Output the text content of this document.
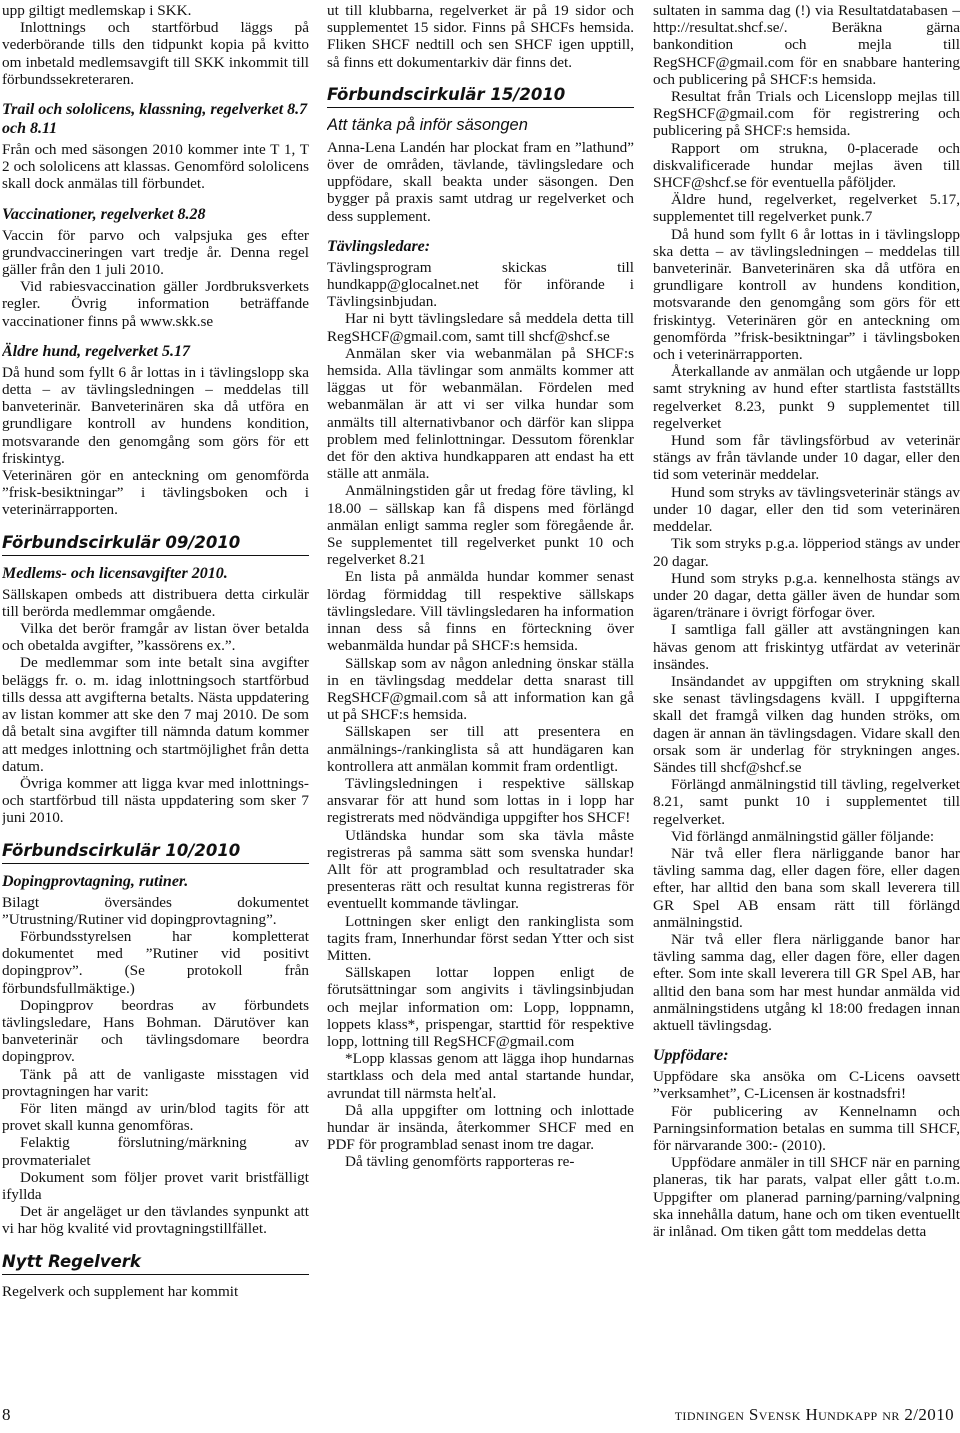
upp giltigt medlemskap i SKK.

Inlottnings och startförbud läggs på vederbörande tills den tidpunkt kopia på kvitto om inbetald medlemsavgift till SKK inkommit till förbundssekreteraren.

Trail och sololicens, klassning, regelverket 8.7 och 8.11

Från och med säsongen 2010 kommer inte T 1, T 2 och sololicens att klassas. Genomförd sololicens skall dock anmälas till förbundet.

Vaccinationer, regelverket 8.28

Vaccin för parvo och valpsjuka ges efter grundvaccineringen vart tredje år. Denna regel gäller från den 1 juli 2010.

Vid rabiesvaccination gäller Jordbruksverkets regler. Övrig information beträffande vaccinationer finns på www.skk.se

Äldre hund, regelverket 5.17

Då hund som fyllt 6 år lottas in i tävlingslopp ska detta – av tävlingsledningen – meddelas till banveterinär. Banveterinären ska då utföra en grundligare kontroll av hundens kondition, motsvarande den genomgång som görs för ett friskintyg.

Veterinären gör en anteckning om genomförda ”frisk-besiktningar” i tävlingsboken och i veterinärrapporten.

Förbundscirkulär 09/2010
Medlems- och licensavgifter 2010.

Sällskapen ombeds att distribuera detta cirkulär till berörda medlemmar omgående.

Vilka det berör framgår av listan över betalda och obetalda avgifter, ”kassörens ex.”.

De medlemmar som inte betalt sina avgifter beläggs fr. o. m. idag inlottningsoch startförbud tills dessa att avgifterna betalts. Nästa uppdatering av listan kommer att ske den 7 maj 2010. De som då betalt sina avgifter till nämnda datum kommer att medges inlottning och startmöjlighet från detta datum.

Övriga kommer att ligga kvar med inlottnings- och startförbud till nästa uppdatering som sker 7 juni 2010.

Förbundscirkulär 10/2010
Dopingprovtagning, rutiner.

Bilagt översändes dokumentet ”Utrustning/Rutiner vid dopingprovtagning”.

Förbundsstyrelsen har kompletterat dokumentet med ”Rutiner vid positivt dopingprov”. (Se protokoll från förbundsfullmäktige.)

Dopingprov beordras av förbundets tävlingsledare, Hans Bohman. Därutöver kan banveterinär och tävlingsdomare beordra dopingprov.

Tänk på att de vanligaste misstagen vid provtagningen har varit:

För liten mängd av urin/blod tagits för att provet skall kunna genomföras.

Felaktig förslutning/märkning av provmaterialet

Dokument som följer provet varit bristfälligt ifyllda

Det är angeläget ur den tävlandes synpunkt att vi har hög kvalité vid provtagningstillfället.

Nytt Regelverk

Regelverk och supplement har kommit

ut till klubbarna, regelverket är på 19 sidor och supplementet 15 sidor. Finns på SHCFs hemsida. Fliken SHCF nedtill och sen SHCF igen upptill, så finns ett dokumentarkiv där finns det.

Förbundscirkulär 15/2010
Att tänka på inför säsongen

Anna-Lena Landén har plockat fram en ”lathund” över de områden, tävlande, tävlingsledare och uppfödare, skall beakta under säsongen. Den bygger på praxis samt utdrag ur regelverket och dess supplement.

Tävlingsledare:

Tävlingsprogram skickas till hundkapp@glocalnet.net för införande i Tävlingsinbjudan.

Har ni bytt tävlingsledare så meddela detta till RegSHCF@gmail.com, samt till shcf@shcf.se

Anmälan sker via webanmälan på SHCF:s hemsida. Alla tävlingar som anmälts kommer att läggas ut för webanmälan. Fördelen med webanmälan är att vi ser vilka hundar som anmälts till alternativbanor och därför kan slippa problem med felinlottningar. Dessutom förenklar det för den aktiva hundkapparen att endast ha ett ställe att anmäla.

Anmälningstiden går ut fredag före tävling, kl 18.00 – sällskap kan få dispens med förlängd anmälan enligt samma regler som föregående år. Se supplementet till regelverket punkt 10 och regelverket 8.21

En lista på anmälda hundar kommer senast lördag förmiddag till respektive sällskaps tävlingsledare. Vill tävlingsledaren ha information innan dess så finns en förteckning över webanmälda hundar på SHCF:s hemsida.

Sällskap som av någon anledning önskar ställa in en tävlingsdag meddelar detta snarast till RegSHCF@gmail.com så att information kan gå ut på SHCF:s hemsida.

Sällskapen ser till att presentera en anmälnings-/rankinglista så att hundägaren kan kontrollera att anmälan kommit fram ordentligt.

Tävlingsledningen i respektive sällskap ansvarar för att hund som lottas in i lopp har registrerats med nödvändiga uppgifter hos SHCF!

Utländska hundar som ska tävla måste registreras på samma sätt som svenska hundar! Allt för att programblad och resultatrader ska presenteras rätt och resultat kunna registreras för eventuellt kommande tävlingar.

Lottningen sker enligt den rankinglista som tagits fram, Innerhundar först sedan Ytter och sist Mitten.

Sällskapen lottar loppen enligt de förutsättningar som angivits i tävlingsinbjudan och mejlar information om: Lopp, loppnamn, loppets klass*, prispengar, starttid för respektive lopp, lottning till RegSHCF@gmail.com

*Lopp klassas genom att lägga ihop hundarnas startklass och dela med antal startande hundar, avrundat till närmsta helťal.

Då alla uppgifter om lottning och inlottade hundar är insända, återkommer SHCF med en PDF för programblad senast inom tre dagar.

Då tävling genomförts rapporteras re-

sultaten in samma dag (!) via Resultatdatabasen – http://resultat.shcf.se/. Beräkna gärna bankondition och mejla till RegSHCF@gmail.com för en snabbare hantering och publicering på SHCF:s hemsida.

Resultat från Trials och Licenslopp mejlas till RegSHCF@gmail.com för registrering och publicering på SHCF:s hemsida.

Rapport om strukna, 0-placerade och diskvalificerade hundar mejlas även till SHCF@shcf.se för eventuella påföljder.

Äldre hund, regelverket, regelverket 5.17, supplementet till regelverket punk.7

Då hund som fyllt 6 år lottas in i tävlingslopp ska detta – av tävlingsledningen – meddelas till banveterinär. Banveterinären ska då utföra en grundligare kontroll av hundens kondition, motsvarande den genomgång som görs för ett friskintyg. Veterinären gör en anteckning om genomförda ”frisk-besiktningar” i tävlingsboken och i veterinärrapporten.

Återkallande av anmälan och utgående ur lopp samt strykning av hund efter startlista fastställts regelverket 8.23, punkt 9 supplementet till regelverket

Hund som får tävlingsförbud av veterinär stängs av från tävlande under 10 dagar, eller den tid som veterinär meddelar.

Hund som stryks av tävlingsveterinär stängs av under 10 dagar, eller den tid som veterinären meddelar.

Tik som stryks p.g.a. löpperiod stängs av under 20 dagar.

Hund som stryks p.g.a. kennelhosta stängs av under 20 dagar, detta gäller även de hundar som ägaren/tränare i övrigt förfogar över.

I samtliga fall gäller att avstängningen kan hävas genom att friskintyg utfärdat av veterinär insändes.

Insändandet av uppgiften om strykning skall ske senast tävlingsdagens kväll. I uppgifterna skall det framgå vilken dag hunden ströks, om dagen är annan än tävlingsdagen. Vidare skall den orsak som är underlag för strykningen anges. Sändes till shcf@shcf.se

Förlängd anmälningstid till tävling, regelverket 8.21, samt punkt 10 i supplementet till regelverket.

Vid förlängd anmälningstid gäller följande:

När två eller flera närliggande banor har tävling samma dag, eller dagen före, eller dagen efter, har alltid den bana som skall leverera till GR Spel AB ensam rätt till förlängd anmälningstid.

När två eller flera närliggande banor har tävling samma dag, eller dagen före, eller dagen efter. Som inte skall leverera till GR Spel AB, har alltid den bana som har mest hundar anmälda vid anmälningstidens utgång kl 18:00 fredagen innan aktuell tävlingsdag.

Uppfödare:

Uppfödare ska ansöka om C-Licens oavsett ”verksamhet”, C-Licensen är kostnadsfri!

För publicering av Kennelnamn och Parningsinformation betalas en summa till SHCF, för närvarande 300:- (2010).

Uppfödare anmäler in till SHCF när en parning planeras, tik har parats, valpat eller gått t.o.m. Uppgifter om planerad parning/parning/valpning ska innehålla datum, hane och om tiken eventuellt är inlånad. Om tiken gått tom meddelas detta

8	tidningen Svensk Hundkapp nr 2/2010
